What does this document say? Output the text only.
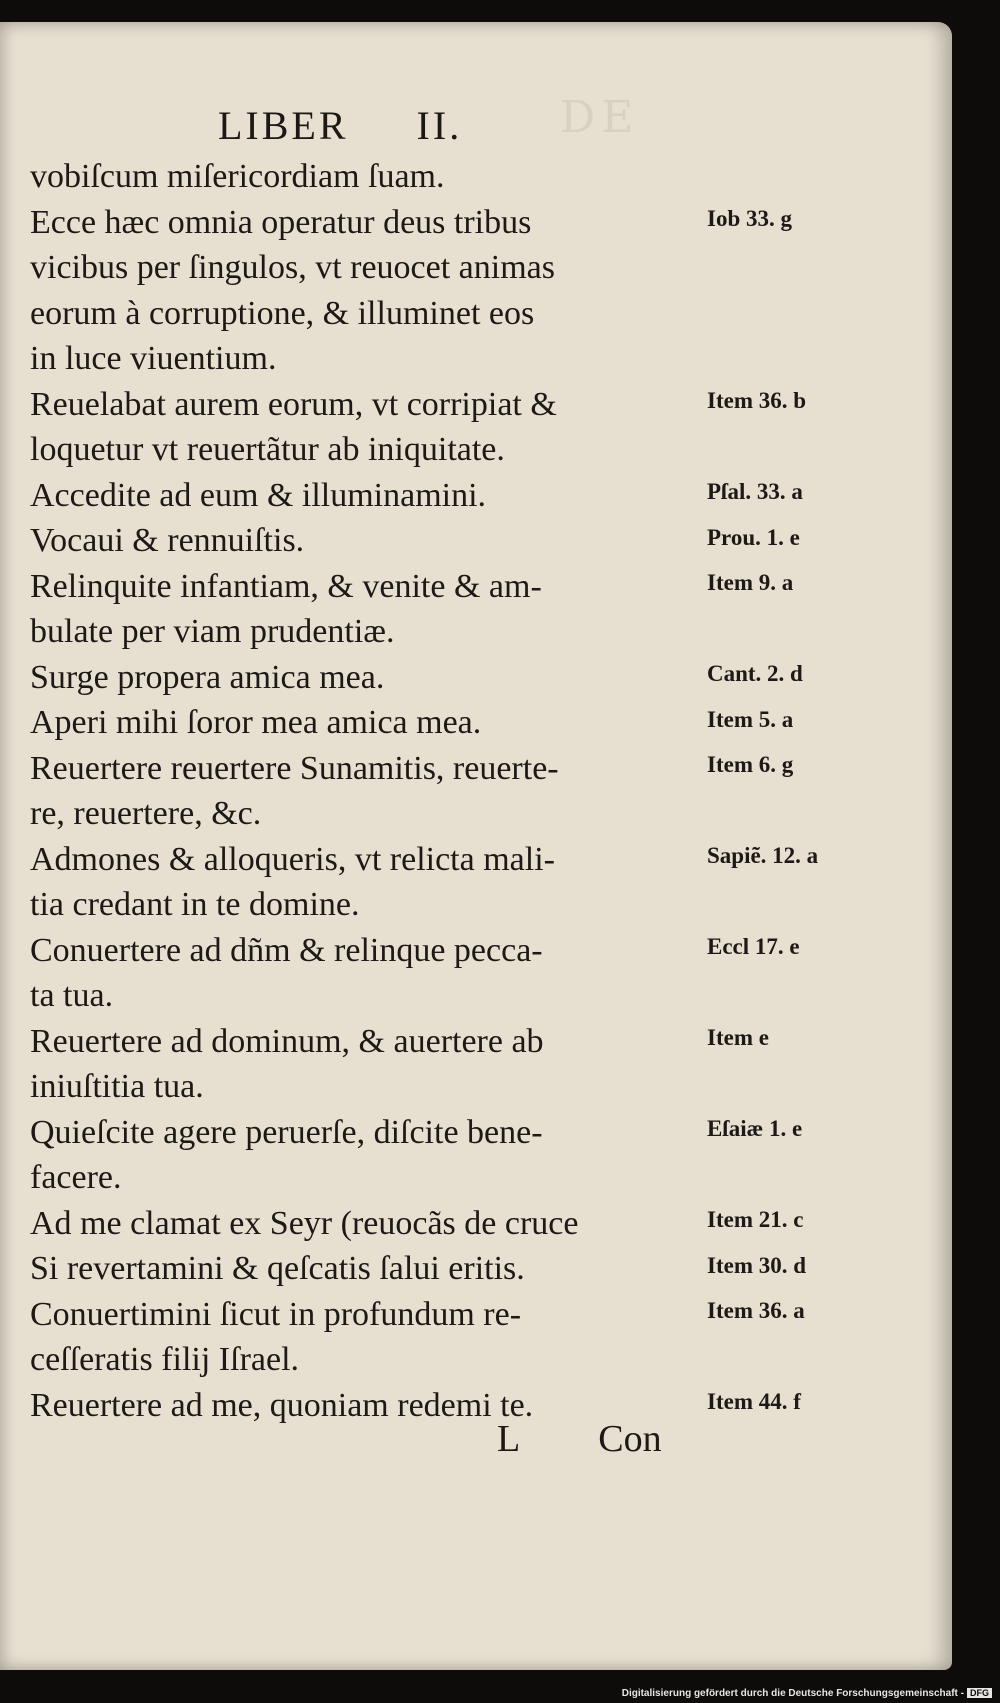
DE
LIBER II.
vobiſcum miſericordiam ſuam.
Ecce hæc omnia operatur deus tribus
vicibus per ſingulos, vt reuocet animas
eorum à corruptione, & illuminet eos
in luce viuentium.
Reuelabat aurem eorum, vt corripiat &
loquetur vt reuertãtur ab iniquitate.
Accedite ad eum & illuminamini.
Vocaui & rennuiſtis.
Relinquite infantiam, & venite & am-
bulate per viam prudentiæ.
Surge propera amica mea.
Aperi mihi ſoror mea amica mea.
Reuertere reuertere Sunamitis, reuerte-
re, reuertere, &c.
Admones & alloqueris, vt relicta mali-
tia credant in te domine.
Conuertere ad dñm & relinque pecca-
ta tua.
Reuertere ad dominum, & auertere ab
iniuſtitia tua.
Quieſcite agere peruerſe, diſcite bene-
facere.
Ad me clamat ex Seyr (reuocãs de cruce
Si revertamini & qeſcatis ſalui eritis.
Conuertimini ſicut in profundum re-
ceſſeratis filij Iſrael.
Reuertere ad me, quoniam redemi te.
Iob 33. g
Item 36. b
Pſal. 33. a
Prou. 1. e
Item 9. a
Cant. 2. d
Item 5. a
Item 6. g
Sapiẽ. 12. a
Eccl 17. e
Item e
Eſaiæ 1. e
Item 21. c
Item 30. d
Item 36. a
Item 44. f
L Con
Digitalisierung gefördert durch die Deutsche Forschungsgemeinschaft - DFG
